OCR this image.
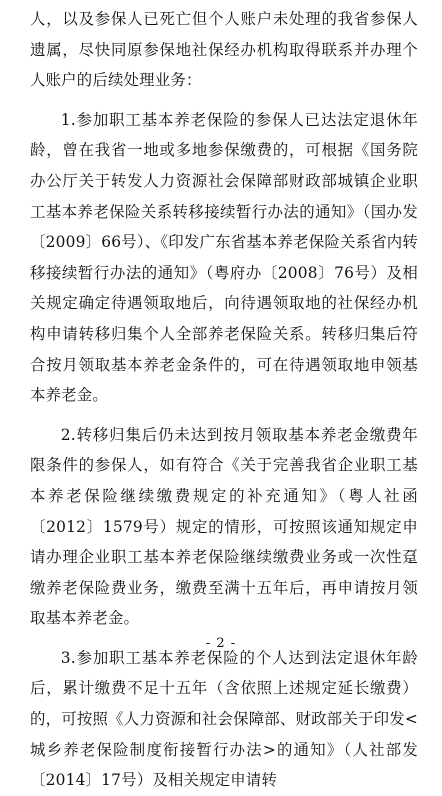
人，以及参保人已死亡但个人账户未处理的我省参保人遗属，尽快同原参保地社保经办机构取得联系并办理个人账户的后续处理业务：

1.参加职工基本养老保险的参保人已达法定退休年龄，曾在我省一地或多地参保缴费的，可根据《国务院办公厅关于转发人力资源社会保障部财政部城镇企业职工基本养老保险关系转移接续暂行办法的通知》（国办发〔2009〕66号）、《印发广东省基本养老保险关系省内转移接续暂行办法的通知》（粤府办〔2008〕76号）及相关规定确定待遇领取地后，向待遇领取地的社保经办机构申请转移归集个人全部养老保险关系。转移归集后符合按月领取基本养老金条件的，可在待遇领取地申领基本养老金。

2.转移归集后仍未达到按月领取基本养老金缴费年限条件的参保人，如有符合《关于完善我省企业职工基本养老保险继续缴费规定的补充通知》（粤人社函〔2012〕1579号）规定的情形，可按照该通知规定申请办理企业职工基本养老保险继续缴费业务或一次性趸缴养老保险费业务，缴费至满十五年后，再申请按月领取基本养老金。

3.参加职工基本养老保险的个人达到法定退休年龄后，累计缴费不足十五年（含依照上述规定延长缴费）的，可按照《人力资源和社会保障部、财政部关于印发<城乡养老保险制度衔接暂行办法>的通知》（人社部发〔2014〕17号）及相关规定申请转

- 2 -
